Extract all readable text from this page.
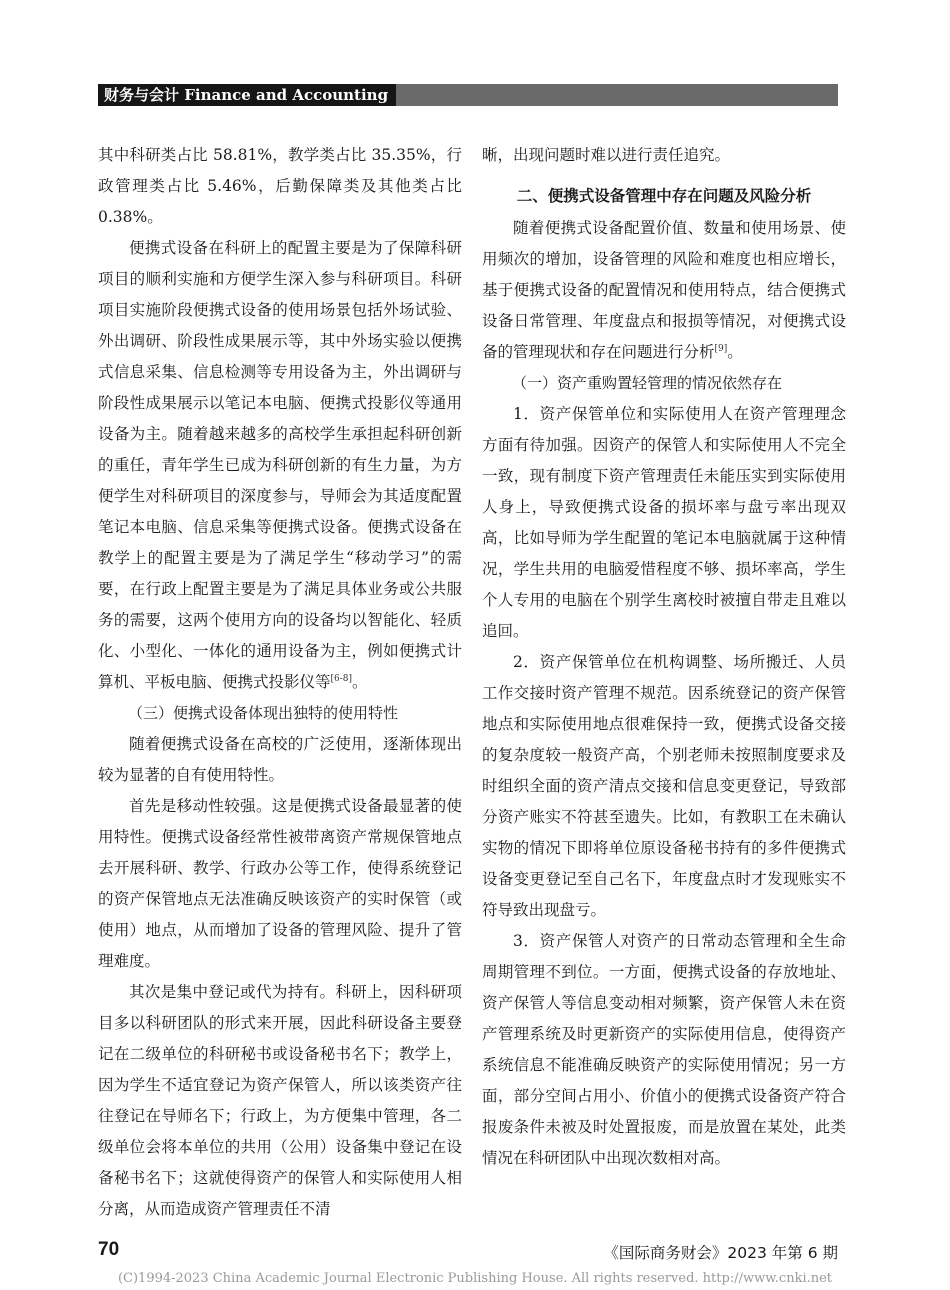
财务与会计 Finance and Accounting

其中科研类占比 58.81%，教学类占比 35.35%，行政管理类占比 5.46%，后勤保障类及其他类占比 0.38%。

便携式设备在科研上的配置主要是为了保障科研项目的顺利实施和方便学生深入参与科研项目。科研项目实施阶段便携式设备的使用场景包括外场试验、外出调研、阶段性成果展示等，其中外场实验以便携式信息采集、信息检测等专用设备为主，外出调研与阶段性成果展示以笔记本电脑、便携式投影仪等通用设备为主。随着越来越多的高校学生承担起科研创新的重任，青年学生已成为科研创新的有生力量，为方便学生对科研项目的深度参与，导师会为其适度配置笔记本电脑、信息采集等便携式设备。便携式设备在教学上的配置主要是为了满足学生“移动学习”的需要，在行政上配置主要是为了满足具体业务或公共服务的需要，这两个使用方向的设备均以智能化、轻质化、小型化、一体化的通用设备为主，例如便携式计算机、平板电脑、便携式投影仪等[6-8]。

（三）便携式设备体现出独特的使用特性

随着便携式设备在高校的广泛使用，逐渐体现出较为显著的自有使用特性。

首先是移动性较强。这是便携式设备最显著的使用特性。便携式设备经常性被带离资产常规保管地点去开展科研、教学、行政办公等工作，使得系统登记的资产保管地点无法准确反映该资产的实时保管（或使用）地点，从而增加了设备的管理风险、提升了管理难度。

其次是集中登记或代为持有。科研上，因科研项目多以科研团队的形式来开展，因此科研设备主要登记在二级单位的科研秘书或设备秘书名下；教学上，因为学生不适宜登记为资产保管人，所以该类资产往往登记在导师名下；行政上，为方便集中管理，各二级单位会将本单位的共用（公用）设备集中登记在设备秘书名下；这就使得资产的保管人和实际使用人相分离，从而造成资产管理责任不清

晰，出现问题时难以进行责任追究。

二、便携式设备管理中存在问题及风险分析

随着便携式设备配置价值、数量和使用场景、使用频次的增加，设备管理的风险和难度也相应增长，基于便携式设备的配置情况和使用特点，结合便携式设备日常管理、年度盘点和报损等情况，对便携式设备的管理现状和存在问题进行分析[9]。

（一）资产重购置轻管理的情况依然存在

1．资产保管单位和实际使用人在资产管理理念方面有待加强。因资产的保管人和实际使用人不完全一致，现有制度下资产管理责任未能压实到实际使用人身上，导致便携式设备的损坏率与盘亏率出现双高，比如导师为学生配置的笔记本电脑就属于这种情况，学生共用的电脑爱惜程度不够、损坏率高，学生个人专用的电脑在个别学生离校时被擅自带走且难以追回。

2．资产保管单位在机构调整、场所搬迁、人员工作交接时资产管理不规范。因系统登记的资产保管地点和实际使用地点很难保持一致，便携式设备交接的复杂度较一般资产高，个别老师未按照制度要求及时组织全面的资产清点交接和信息变更登记，导致部分资产账实不符甚至遗失。比如，有教职工在未确认实物的情况下即将单位原设备秘书持有的多件便携式设备变更登记至自己名下，年度盘点时才发现账实不符导致出现盘亏。

3．资产保管人对资产的日常动态管理和全生命周期管理不到位。一方面，便携式设备的存放地址、资产保管人等信息变动相对频繁，资产保管人未在资产管理系统及时更新资产的实际使用信息，使得资产系统信息不能准确反映资产的实际使用情况；另一方面，部分空间占用小、价值小的便携式设备资产符合报废条件未被及时处置报废，而是放置在某处，此类情况在科研团队中出现次数相对高。

70	《国际商务财会》2023 年第 6 期
(C)1994-2023 China Academic Journal Electronic Publishing House. All rights reserved. http://www.cnki.net
